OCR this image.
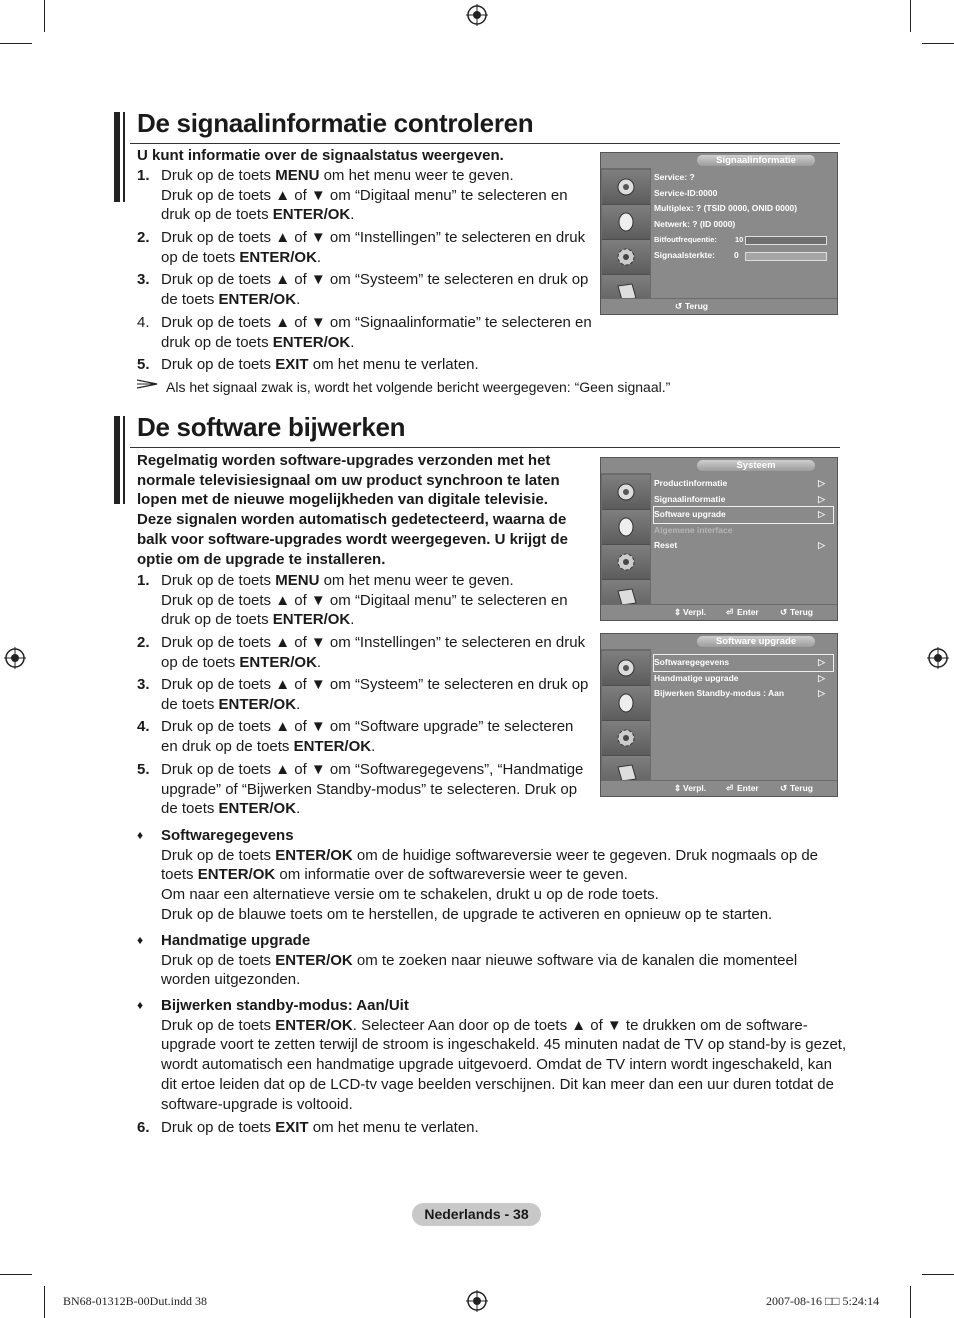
De signaalinformatie controleren
U kunt informatie over de signaalstatus weergeven.
1. Druk op de toets MENU om het menu weer te geven.
Druk op de toets ▲ of ▼ om “Digitaal menu” te selecteren en
druk op de toets ENTER/OK.
2. Druk op de toets ▲ of ▼ om “Instellingen” te selecteren en druk
op de toets ENTER/OK.
3. Druk op de toets ▲ of ▼ om “Systeem” te selecteren en druk op
de toets ENTER/OK.
4. Druk op de toets ▲ of ▼ om “Signaalinformatie” te selecteren en
druk op de toets ENTER/OK.
5. Druk op de toets EXIT om het menu te verlaten.
Als het signaal zwak is, wordt het volgende bericht weergegeven: “Geen signaal.”
Signaalinformatie
Service: ?
Service-ID:0000
Multiplex: ? (TSID 0000, ONID 0000)
Netwerk: ? (ID 0000)
Bitfoutfrequentie: 10
Signaalsterkte: 0
↺ Terug
De software bijwerken
Regelmatig worden software-upgrades verzonden met het
normale televisiesignaal om uw product synchroon te laten
lopen met de nieuwe mogelijkheden van digitale televisie.
Deze signalen worden automatisch gedetecteerd, waarna de
balk voor software-upgrades wordt weergegeven. U krijgt de
optie om de upgrade te installeren.
1. Druk op de toets MENU om het menu weer te geven.
Druk op de toets ▲ of ▼ om “Digitaal menu” te selecteren en
druk op de toets ENTER/OK.
2. Druk op de toets ▲ of ▼ om “Instellingen” te selecteren en druk
op de toets ENTER/OK.
3. Druk op de toets ▲ of ▼ om “Systeem” te selecteren en druk op
de toets ENTER/OK.
4. Druk op de toets ▲ of ▼ om “Software upgrade” te selecteren
en druk op de toets ENTER/OK.
5. Druk op de toets ▲ of ▼ om “Softwaregegevens”, “Handmatige
upgrade” of “Bijwerken Standby-modus” te selecteren. Druk op
de toets ENTER/OK.
Systeem
Productinformatie	▷
Signaalinformatie	▷
Software upgrade	▷
Algemene interface
Reset	▷
⇕ Verpl. ⏎ Enter	↺ Terug
Software upgrade
Softwaregegevens	▷
Handmatige upgrade	▷
Bijwerken Standby-modus : Aan	▷
⇕ Verpl. ⏎ Enter	↺ Terug
♦ Softwaregegevens
Druk op de toets ENTER/OK om de huidige softwareversie weer te gegeven. Druk nogmaals op de
toets ENTER/OK om informatie over de softwareversie weer te geven.
Om naar een alternatieve versie om te schakelen, drukt u op de rode toets.
Druk op de blauwe toets om te herstellen, de upgrade te activeren en opnieuw op te starten.
♦ Handmatige upgrade
Druk op de toets ENTER/OK om te zoeken naar nieuwe software via de kanalen die momenteel
worden uitgezonden.
♦ Bijwerken standby-modus: Aan/Uit
Druk op de toets ENTER/OK. Selecteer Aan door op de toets ▲ of ▼ te drukken om de software-
upgrade voort te zetten terwijl de stroom is ingeschakeld. 45 minuten nadat de TV op stand-by is gezet,
wordt automatisch een handmatige upgrade uitgevoerd. Omdat de TV intern wordt ingeschakeld, kan
dit ertoe leiden dat op de LCD-tv vage beelden verschijnen. Dit kan meer dan een uur duren totdat de
software-upgrade is voltooid.
6. Druk op de toets EXIT om het menu te verlaten.
Nederlands - 38
BN68-01312B-00Dut.indd 38	2007-08-16 □□ 5:24:14
